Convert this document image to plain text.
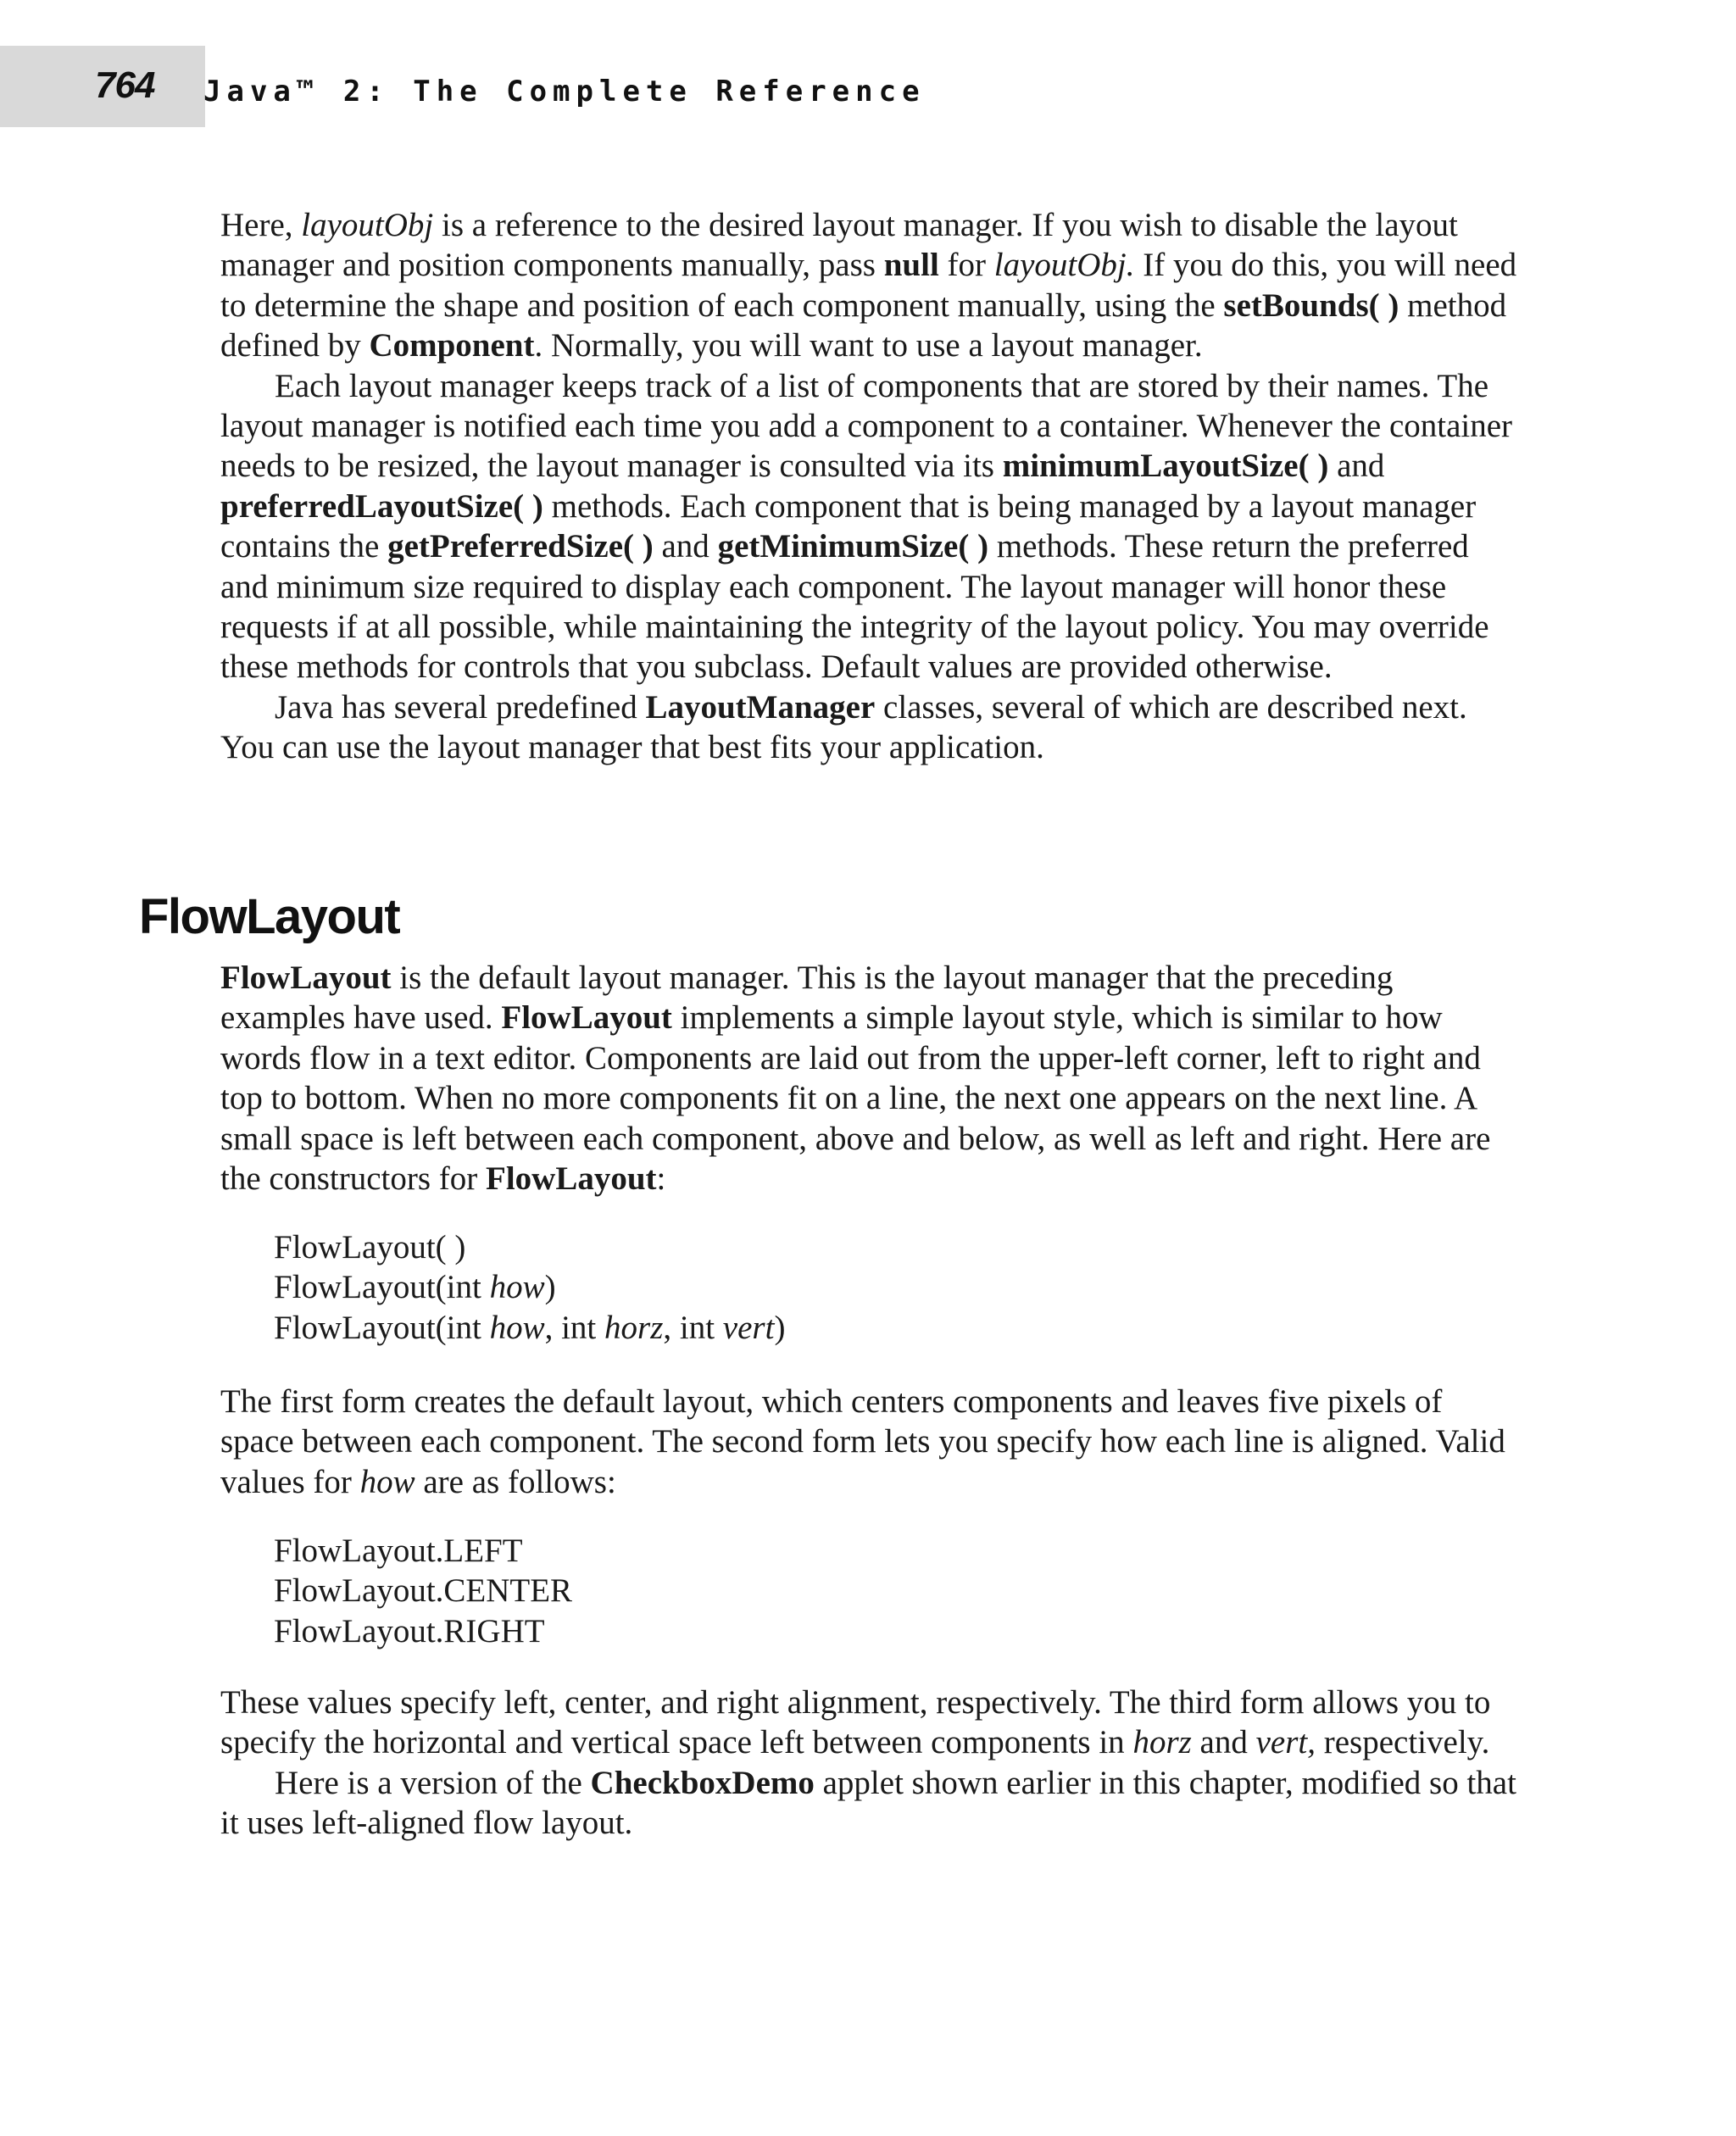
764 Java™ 2: The Complete Reference

Here, layoutObj is a reference to the desired layout manager. If you wish to disable the layout manager and position components manually, pass null for layoutObj. If you do this, you will need to determine the shape and position of each component manually, using the setBounds( ) method defined by Component. Normally, you will want to use a layout manager.

Each layout manager keeps track of a list of components that are stored by their names. The layout manager is notified each time you add a component to a container. Whenever the container needs to be resized, the layout manager is consulted via its minimumLayoutSize( ) and preferredLayoutSize( ) methods. Each component that is being managed by a layout manager contains the getPreferredSize( ) and getMinimumSize( ) methods. These return the preferred and minimum size required to display each component. The layout manager will honor these requests if at all possible, while maintaining the integrity of the layout policy. You may override these methods for controls that you subclass. Default values are provided otherwise.

Java has several predefined LayoutManager classes, several of which are described next. You can use the layout manager that best fits your application.

FlowLayout

FlowLayout is the default layout manager. This is the layout manager that the preceding examples have used. FlowLayout implements a simple layout style, which is similar to how words flow in a text editor. Components are laid out from the upper-left corner, left to right and top to bottom. When no more components fit on a line, the next one appears on the next line. A small space is left between each component, above and below, as well as left and right. Here are the constructors for FlowLayout:

FlowLayout( )
FlowLayout(int how)
FlowLayout(int how, int horz, int vert)

The first form creates the default layout, which centers components and leaves five pixels of space between each component. The second form lets you specify how each line is aligned. Valid values for how are as follows:

FlowLayout.LEFT
FlowLayout.CENTER
FlowLayout.RIGHT

These values specify left, center, and right alignment, respectively. The third form allows you to specify the horizontal and vertical space left between components in horz and vert, respectively.

Here is a version of the CheckboxDemo applet shown earlier in this chapter, modified so that it uses left-aligned flow layout.
